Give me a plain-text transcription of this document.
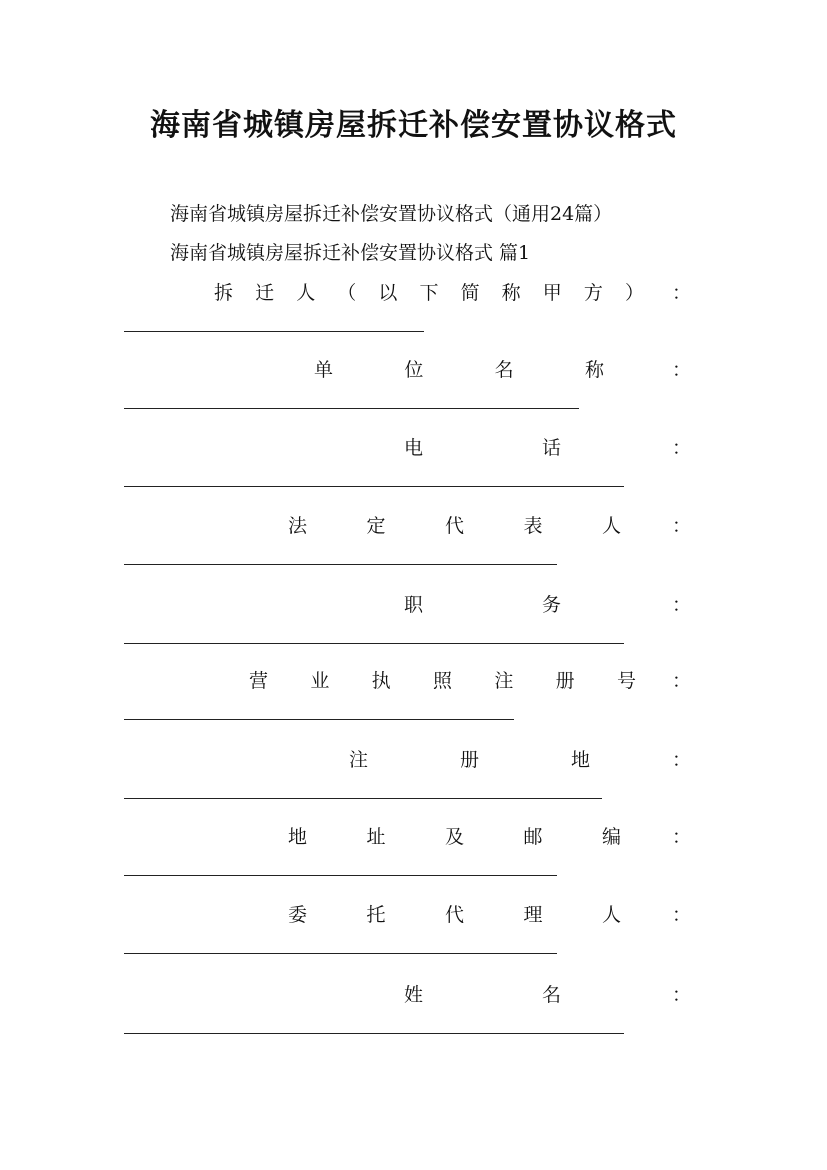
海南省城镇房屋拆迁补偿安置协议格式

海南省城镇房屋拆迁补偿安置协议格式（通用24篇）

海南省城镇房屋拆迁补偿安置协议格式 篇1

拆 迁 人 （ 以 下 简 称 甲 方 ） ：
单	位	名	称	：
电	话	：
法	定	代	表	人	：
职	务	：
营 业 执 照 注 册 号 ：
注	册	地	：
地	址	及	邮	编	：
委	托	代	理	人	：
姓	名	：
